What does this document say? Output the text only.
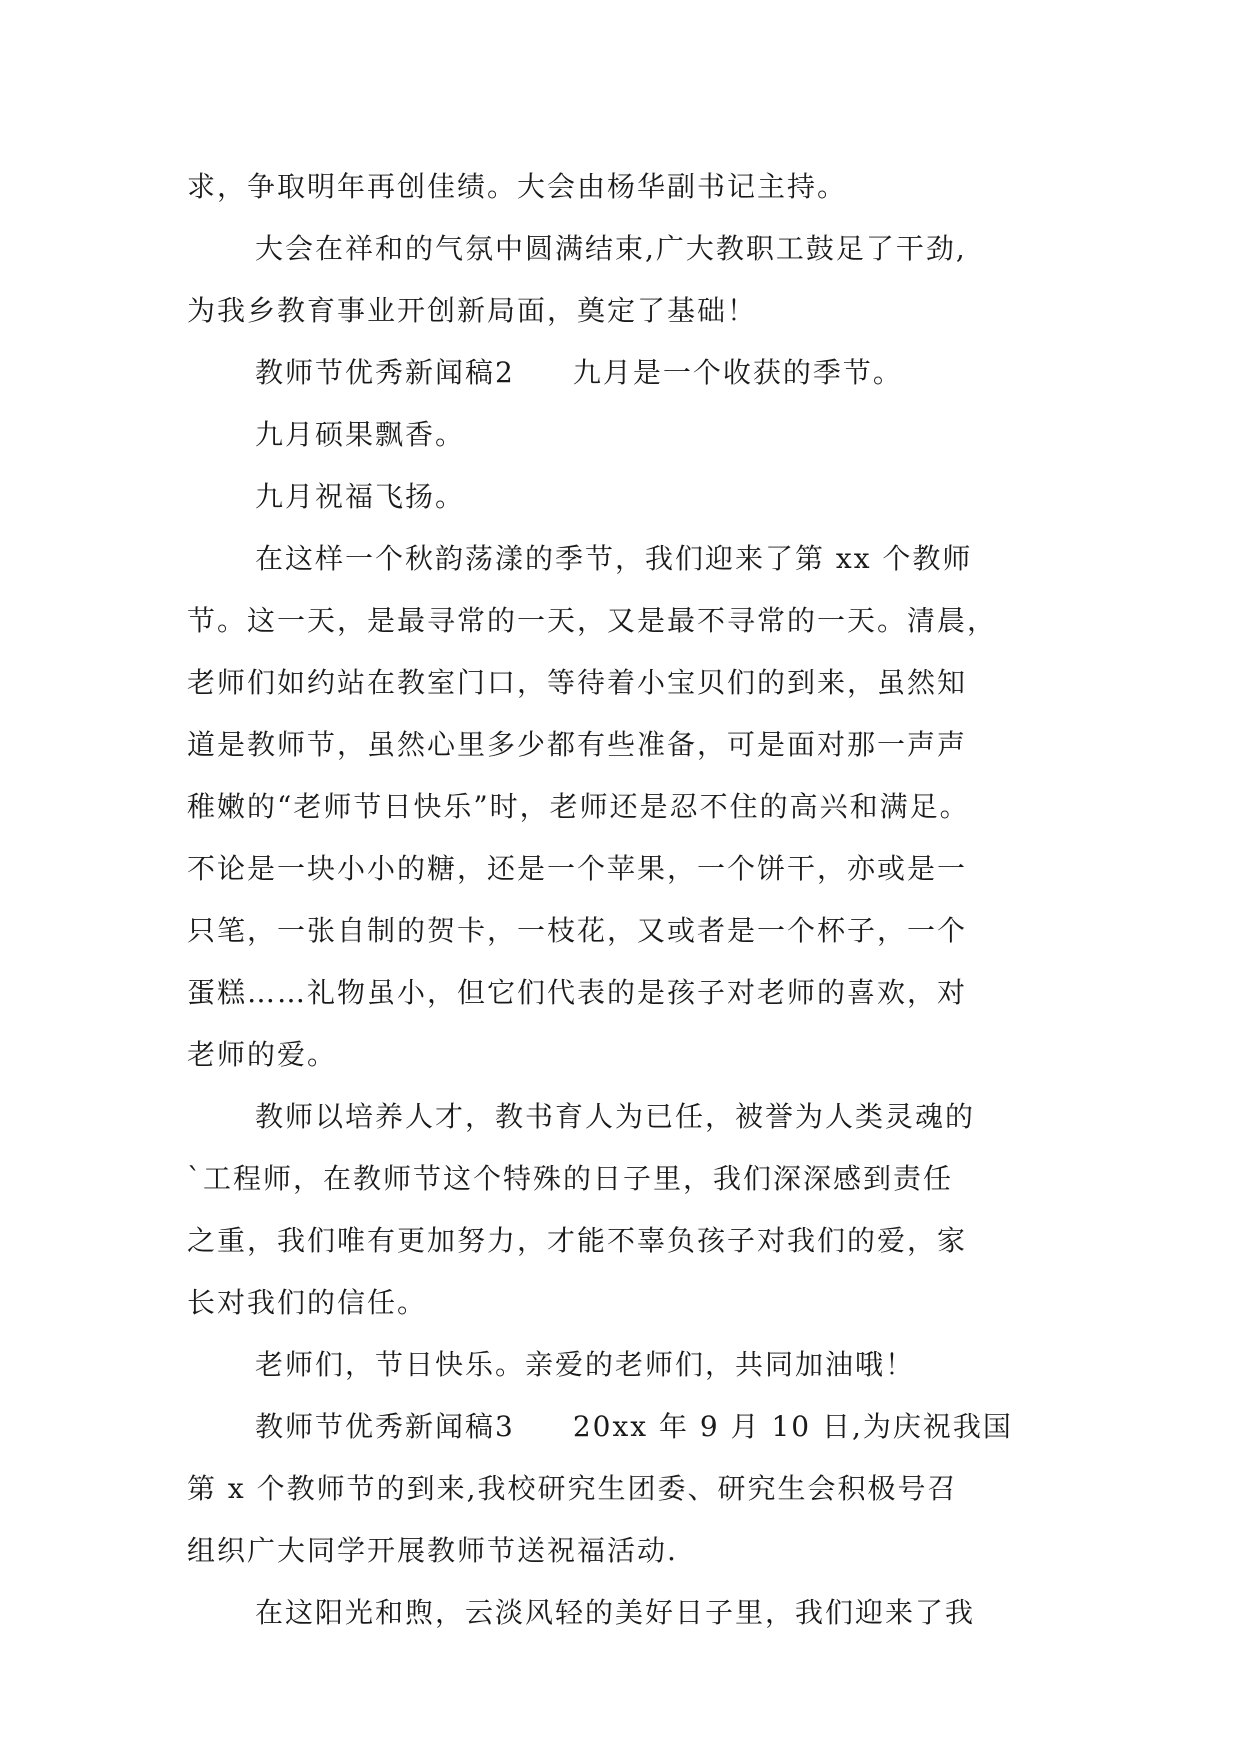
求，争取明年再创佳绩。大会由杨华副书记主持。

大会在祥和的气氛中圆满结束,广大教职工鼓足了干劲,

为我乡教育事业开创新局面，奠定了基础！

教师节优秀新闻稿2 九月是一个收获的季节。

九月硕果飘香。

九月祝福飞扬。

在这样一个秋韵荡漾的季节，我们迎来了第 xx 个教师

节。这一天，是最寻常的一天，又是最不寻常的一天。清晨，

老师们如约站在教室门口，等待着小宝贝们的到来，虽然知

道是教师节，虽然心里多少都有些准备，可是面对那一声声

稚嫩的“老师节日快乐”时，老师还是忍不住的高兴和满足。

不论是一块小小的糖，还是一个苹果，一个饼干，亦或是一

只笔，一张自制的贺卡，一枝花，又或者是一个杯子，一个

蛋糕……礼物虽小，但它们代表的是孩子对老师的喜欢，对

老师的爱。

教师以培养人才，教书育人为已任，被誉为人类灵魂的

`工程师，在教师节这个特殊的日子里，我们深深感到责任

之重，我们唯有更加努力，才能不辜负孩子对我们的爱，家

长对我们的信任。

老师们，节日快乐。亲爱的老师们，共同加油哦！

教师节优秀新闻稿3 20xx 年 9 月 10 日,为庆祝我国

第 x 个教师节的到来,我校研究生团委、研究生会积极号召

组织广大同学开展教师节送祝福活动.

在这阳光和煦，云淡风轻的美好日子里，我们迎来了我
